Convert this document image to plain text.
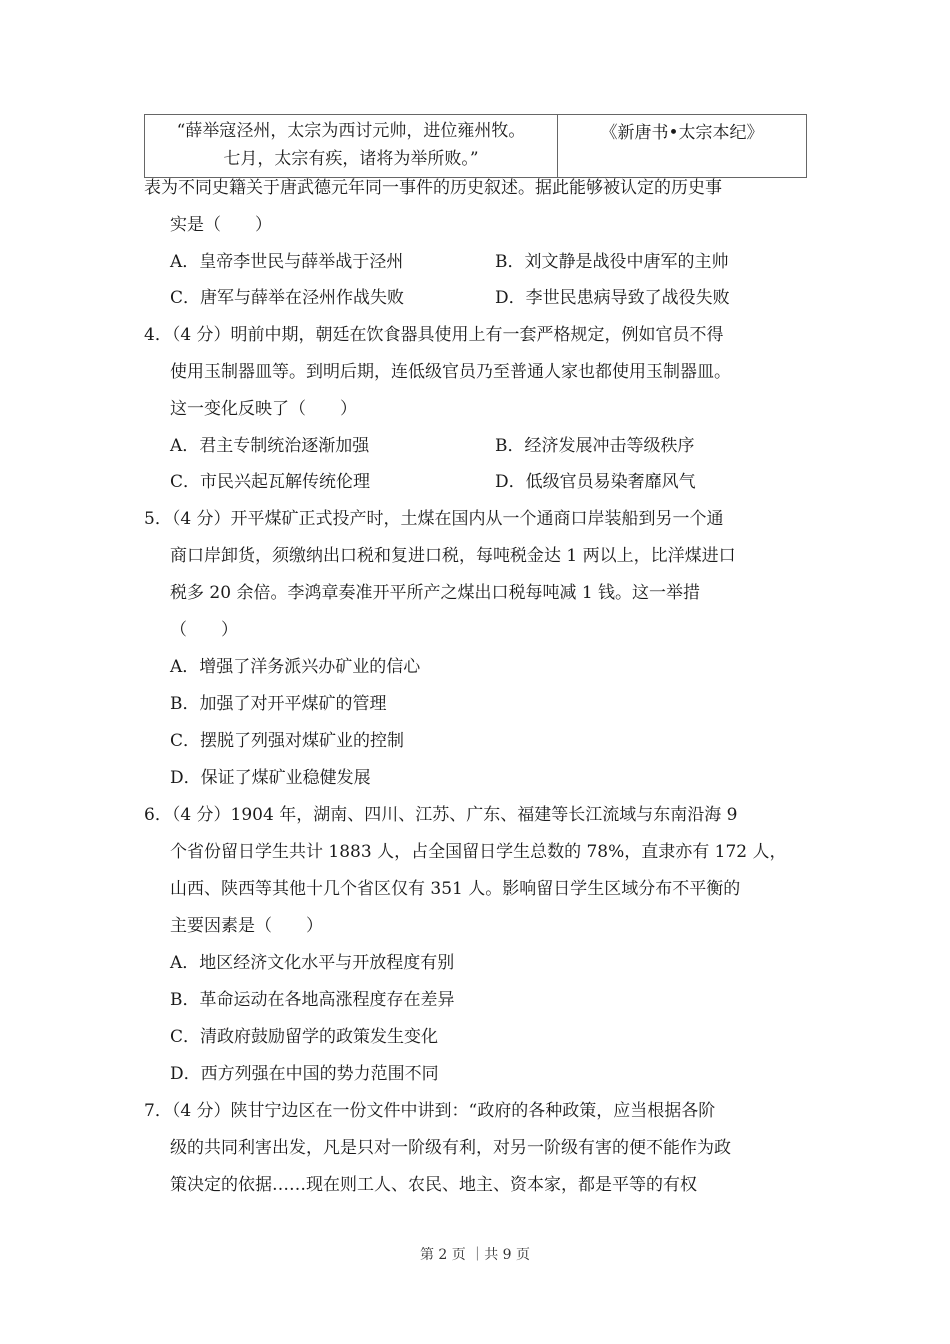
“薛举寇泾州，太宗为西讨元帅，进位雍州牧。
七月，太宗有疾，诸将为举所败。”
	《新唐书•太宗本纪》
表为不同史籍关于唐武德元年同一事件的历史叙述。据此能够被认定的历史事
实是（　　）
A．皇帝李世民与薛举战于泾州	B．刘文静是战役中唐军的主帅
C．唐军与薛举在泾州作战失败	D．李世民患病导致了战役失败
4．（4 分）明前中期，朝廷在饮食器具使用上有一套严格规定，例如官员不得
使用玉制器皿等。到明后期，连低级官员乃至普通人家也都使用玉制器皿。
这一变化反映了（　　）
A．君主专制统治逐渐加强	B．经济发展冲击等级秩序
C．市民兴起瓦解传统伦理	D．低级官员易染奢靡风气
5．（4 分）开平煤矿正式投产时，土煤在国内从一个通商口岸装船到另一个通
商口岸卸货，须缴纳出口税和复进口税，每吨税金达 1 两以上，比洋煤进口
税多 20 余倍。李鸿章奏准开平所产之煤出口税每吨减 1 钱。这一举措
（　　）
A．增强了洋务派兴办矿业的信心
B．加强了对开平煤矿的管理
C．摆脱了列强对煤矿业的控制
D．保证了煤矿业稳健发展
6．（4 分）1904 年，湖南、四川、江苏、广东、福建等长江流域与东南沿海 9
个省份留日学生共计 1883 人，占全国留日学生总数的 78%，直隶亦有 172 人，
山西、陕西等其他十几个省区仅有 351 人。影响留日学生区域分布不平衡的
主要因素是（　　）
A．地区经济文化水平与开放程度有别
B．革命运动在各地高涨程度存在差异
C．清政府鼓励留学的政策发生变化
D．西方列强在中国的势力范围不同
7．（4 分）陕甘宁边区在一份文件中讲到：“政府的各种政策，应当根据各阶
级的共同利害出发，凡是只对一阶级有利，对另一阶级有害的便不能作为政
策决定的依据……现在则工人、农民、地主、资本家，都是平等的有权
第 2 页 ｜共 9 页
